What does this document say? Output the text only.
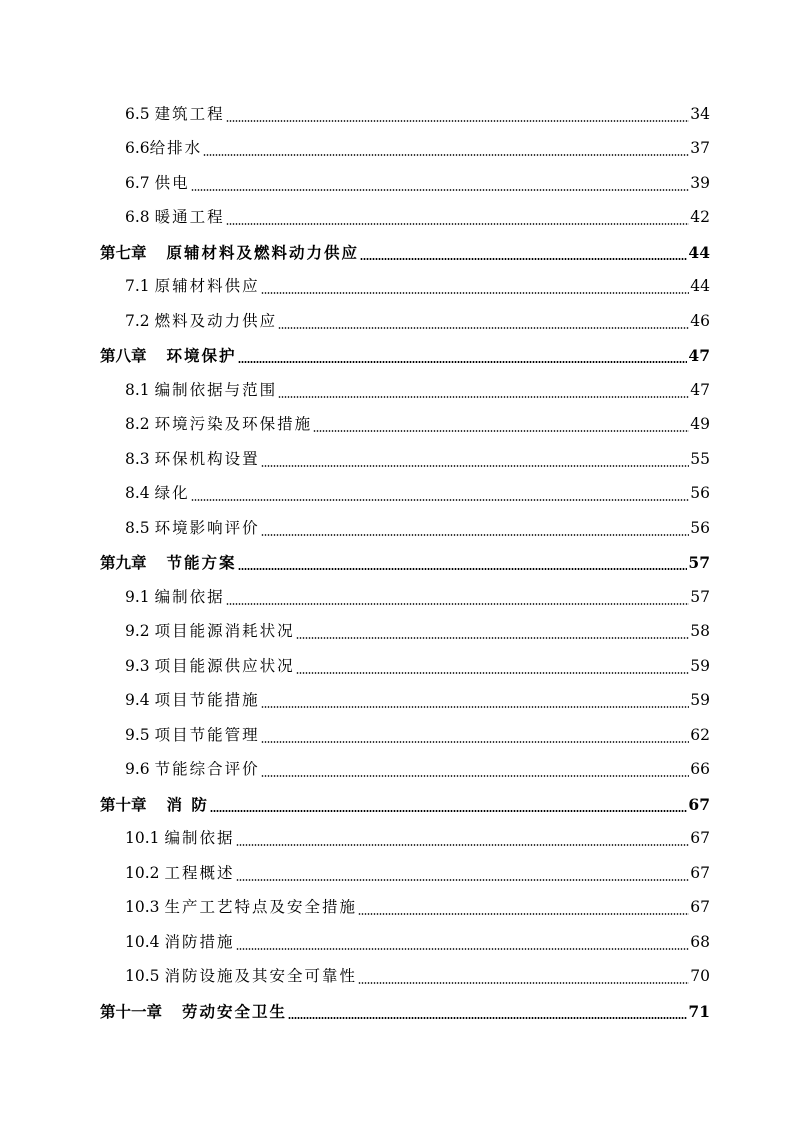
6.5 建筑工程	34
6.6 给排水	37
6.7 供电	39
6.8 暖通工程	42
第七章 原辅材料及燃料动力供应	44
7.1 原辅材料供应	44
7.2 燃料及动力供应	46
第八章 环境保护	47
8.1 编制依据与范围	47
8.2 环境污染及环保措施	49
8.3 环保机构设置	55
8.4 绿化	56
8.5 环境影响评价	56
第九章 节能方案	57
9.1 编制依据	57
9.2 项目能源消耗状况	58
9.3 项目能源供应状况	59
9.4 项目节能措施	59
9.5 项目节能管理	62
9.6 节能综合评价	66
第十章 消 防	67
10.1 编制依据	67
10.2 工程概述	67
10.3 生产工艺特点及安全措施	67
10.4 消防措施	68
10.5 消防设施及其安全可靠性	70
第十一章 劳动安全卫生	71
